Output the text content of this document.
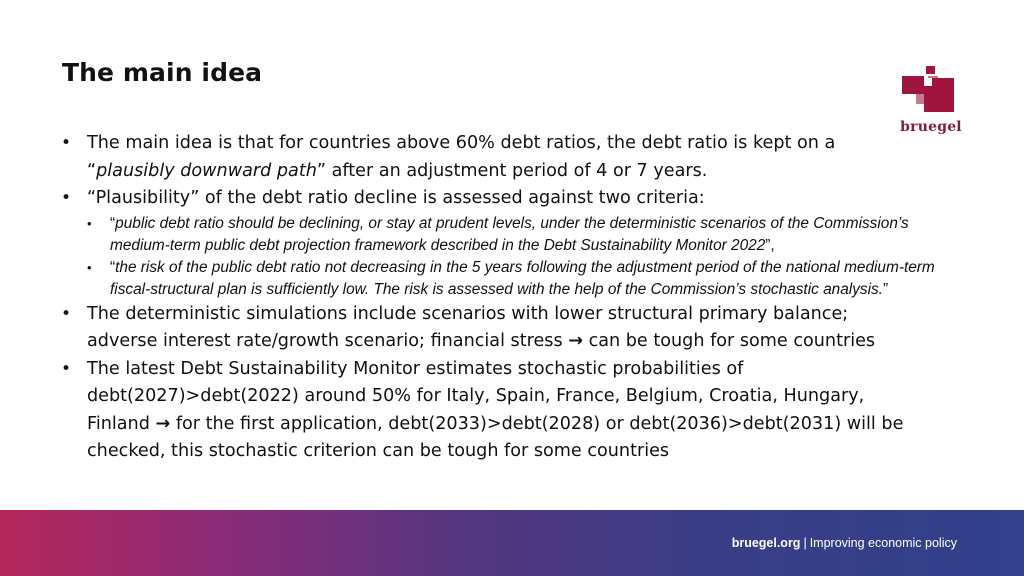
The main idea
bruegel
• The main idea is that for countries above 60% debt ratios, the debt ratio is kept on a
“plausibly downward path” after an adjustment period of 4 or 7 years.
• “Plausibility” of the debt ratio decline is assessed against two criteria:
• “public debt ratio should be declining, or stay at prudent levels, under the deterministic scenarios of the Commission’s medium-term public debt projection framework described in the Debt Sustainability Monitor 2022”,
• “the risk of the public debt ratio not decreasing in the 5 years following the adjustment period of the national medium-term fiscal-structural plan is sufficiently low. The risk is assessed with the help of the Commission’s stochastic analysis.”
• The deterministic simulations include scenarios with lower structural primary balance;
adverse interest rate/growth scenario; financial stress → can be tough for some countries
• The latest Debt Sustainability Monitor estimates stochastic probabilities of
debt(2027)>debt(2022) around 50% for Italy, Spain, France, Belgium, Croatia, Hungary,
Finland → for the first application, debt(2033)>debt(2028) or debt(2036)>debt(2031) will be
checked, this stochastic criterion can be tough for some countries
bruegel.org | Improving economic policy
